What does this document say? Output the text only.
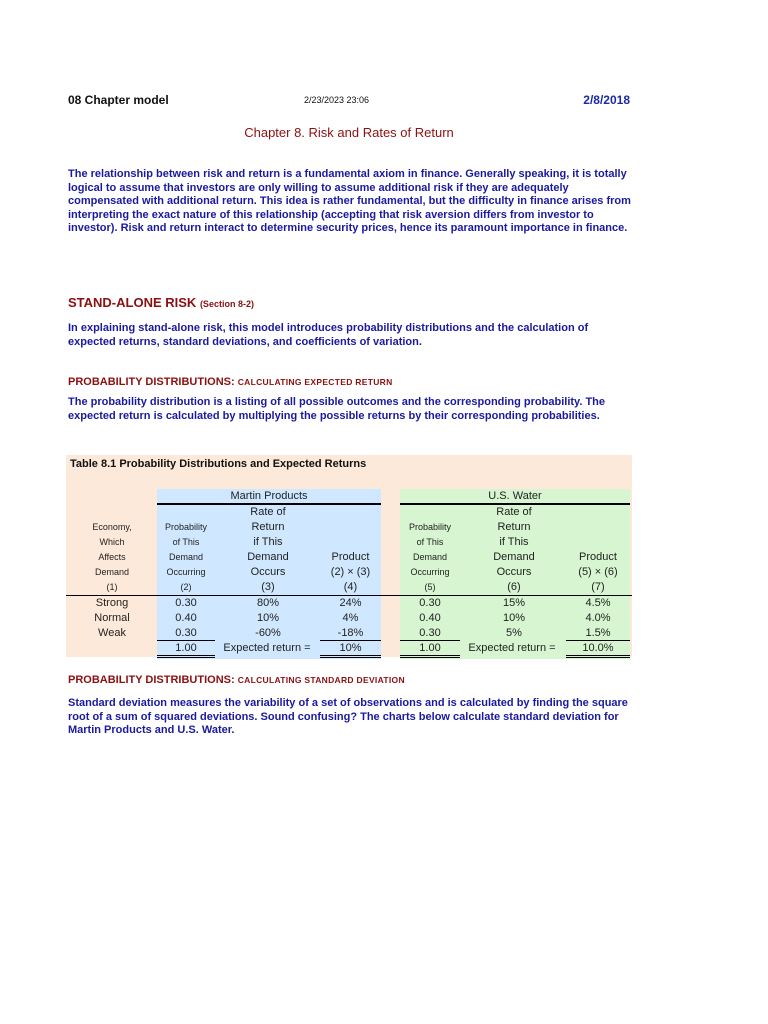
08 Chapter model	2/23/2023 23:06	2/8/2018
Chapter 8. Risk and Rates of Return
The relationship between risk and return is a fundamental axiom in finance. Generally speaking, it is totally logical to assume that investors are only willing to assume additional risk if they are adequately compensated with additional return. This idea is rather fundamental, but the difficulty in finance arises from interpreting the exact nature of this relationship (accepting that risk aversion differs from investor to investor). Risk and return interact to determine security prices, hence its paramount importance in finance.
STAND-ALONE RISK (Section 8-2)
In explaining stand-alone risk, this model introduces probability distributions and the calculation of expected returns, standard deviations, and coefficients of variation.
PROBABILITY DISTRIBUTIONS: CALCULATING EXPECTED RETURN
The probability distribution is a listing of all possible outcomes and the corresponding probability. The expected return is calculated by multiplying the possible returns by their corresponding probabilities.
Table 8.1 Probability Distributions and Expected Returns
Martin Products	U.S. Water
Economy,
Which
Affects
Demand
(1)
Probability
of This
Demand
Occurring
(2)
Rate of
Return
if This
Demand
Occurs
(3)
Product
(2) × (3)
(4)
Probability
of This
Demand
Occurring
(5)
Rate of
Return
if This
Demand
Occurs
(6)
Product
(5) × (6)
(7)
Strong	0.30	80%	24%	0.30	15%	4.5%
Normal	0.40	10%	4%	0.40	10%	4.0%
Weak	0.30	-60%	-18%	0.30	5%	1.5%
1.00	Expected return =	10%	1.00	Expected return =	10.0%
PROBABILITY DISTRIBUTIONS: CALCULATING STANDARD DEVIATION
Standard deviation measures the variability of a set of observations and is calculated by finding the square root of a sum of squared deviations. Sound confusing? The charts below calculate standard deviation for Martin Products and U.S. Water.
